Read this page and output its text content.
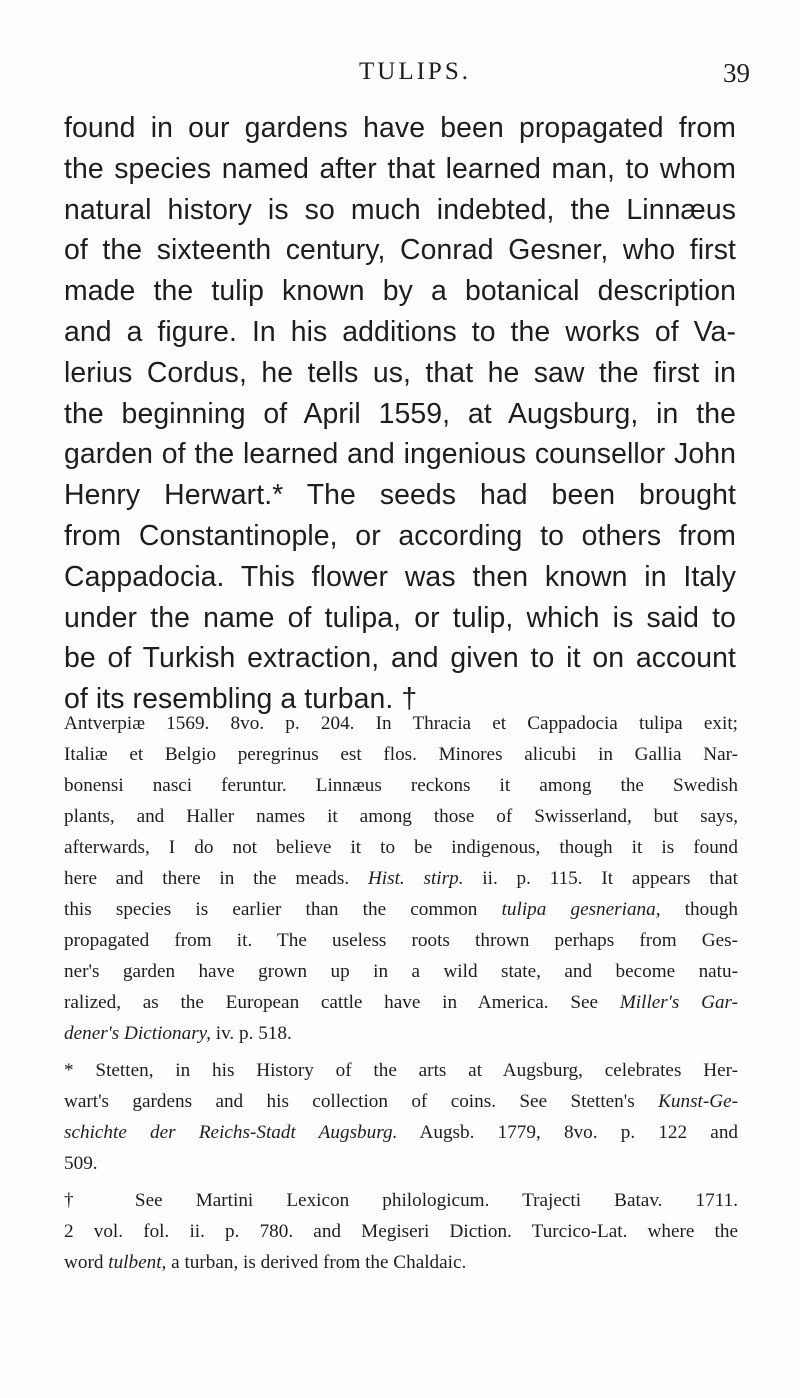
TULIPS.	39
found in our gardens have been propagated from
the species named after that learned man, to whom
natural history is so much indebted, the Linnæus
of the sixteenth century, Conrad Gesner, who first
made the tulip known by a botanical description
and a figure. In his additions to the works of Va-
lerius Cordus, he tells us, that he saw the first in
the beginning of April 1559, at Augsburg, in the
garden of the learned and ingenious counsellor John
Henry Herwart.* The seeds had been brought
from Constantinople, or according to others from
Cappadocia. This flower was then known in Italy
under the name of tulipa, or tulip, which is said to
be of Turkish extraction, and given to it on account
of its resembling a turban. †
Antverpiæ 1569. 8vo. p. 204. In Thracia et Cappadocia tulipa exit;
Italiæ et Belgio peregrinus est flos. Minores alicubi in Gallia Nar-
bonensi nasci feruntur. Linnæus reckons it among the Swedish
plants, and Haller names it among those of Swisserland, but says,
afterwards, I do not believe it to be indigenous, though it is found
here and there in the meads. Hist. stirp. ii. p. 115. It appears that
this species is earlier than the common tulipa gesneriana, though
propagated from it. The useless roots thrown perhaps from Ges-
ner's garden have grown up in a wild state, and become natu-
ralized, as the European cattle have in America. See Miller's Gar-
dener's Dictionary, iv. p. 518.
* Stetten, in his History of the arts at Augsburg, celebrates Her-
wart's gardens and his collection of coins. See Stetten's Kunst-Ge-
schichte der Reichs-Stadt Augsburg. Augsb. 1779, 8vo. p. 122 and
509.
† See Martini Lexicon philologicum. Trajecti Batav. 1711.
2 vol. fol. ii. p. 780. and Megiseri Diction. Turcico-Lat. where the
word tulbent, a turban, is derived from the Chaldaic.
